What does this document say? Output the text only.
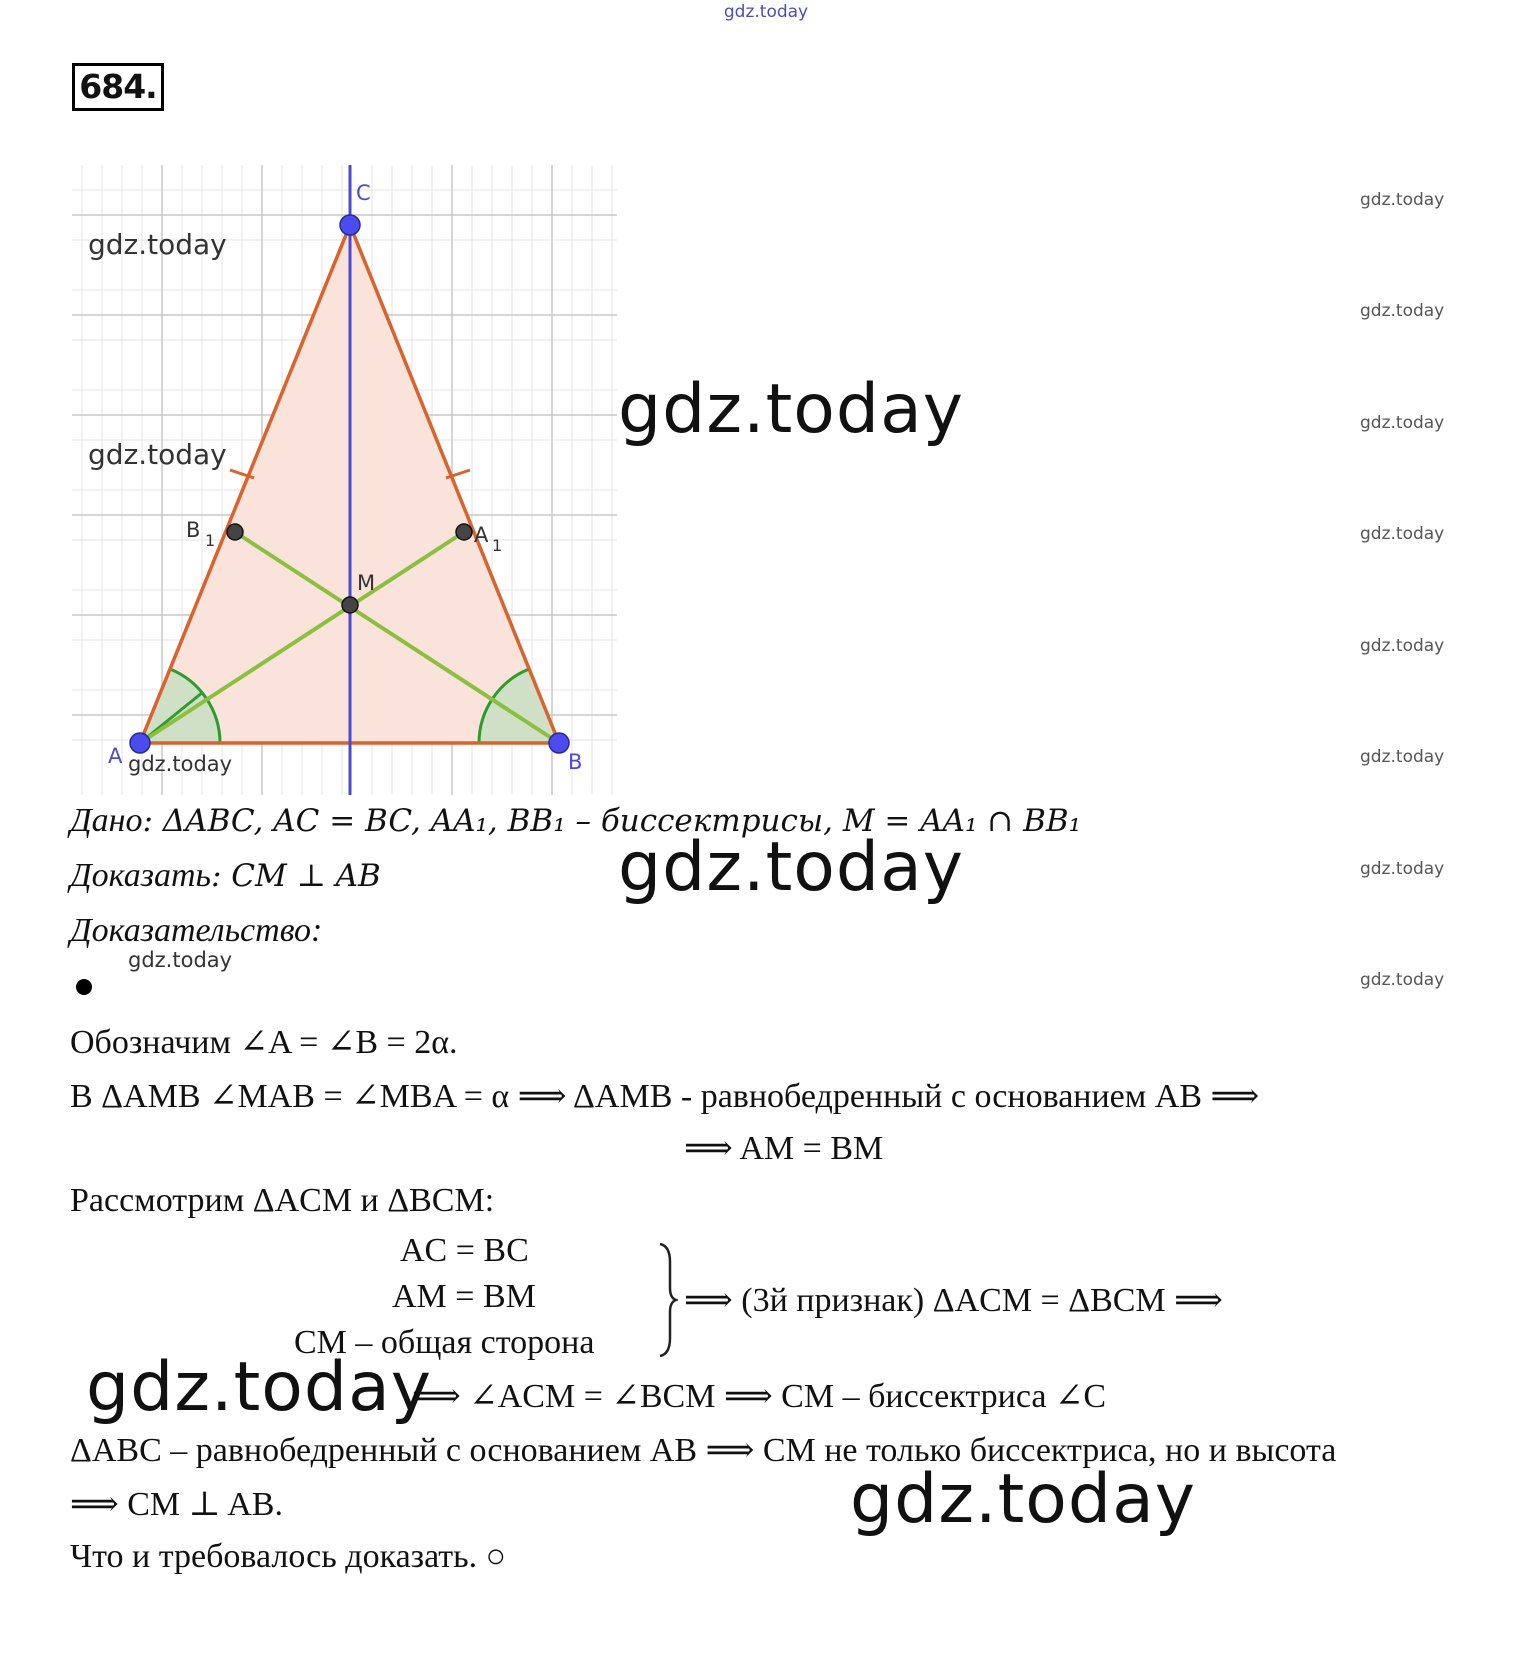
gdz.today
684.
C
A	B
M
B 1	A 1
gdz.today
gdz.today
gdz.today
gdz.today
gdz.today
gdz.today
gdz.today
gdz.today
gdz.today
gdz.today
gdz.today
gdz.today
gdz.today
gdz.today
gdz.today
Дано: ΔABC, AC = BC, AA₁, BB₁ – биссектрисы, M = AA₁ ∩ BB₁
Доказать: CM ⊥ AB
Доказательство:
gdz.today
Обозначим ∠A = ∠B = 2α.
В ΔAMB ∠MAB = ∠MBA = α ⟹ ΔAMB - равнобедренный с основанием AB ⟹
⟹ AM = BM
Рассмотрим ΔACM и ΔBCM:
AC = BC
AM = BM
CM – общая сторона
⟹ (3й признак) ΔACM = ΔBCM ⟹
⟹ ∠ACM = ∠BCM ⟹ CM – биссектриса ∠C
ΔABC – равнобедренный с основанием AB ⟹ CM не только биссектриса, но и высота
⟹ CM ⊥ AB.
Что и требовалось доказать. ○
